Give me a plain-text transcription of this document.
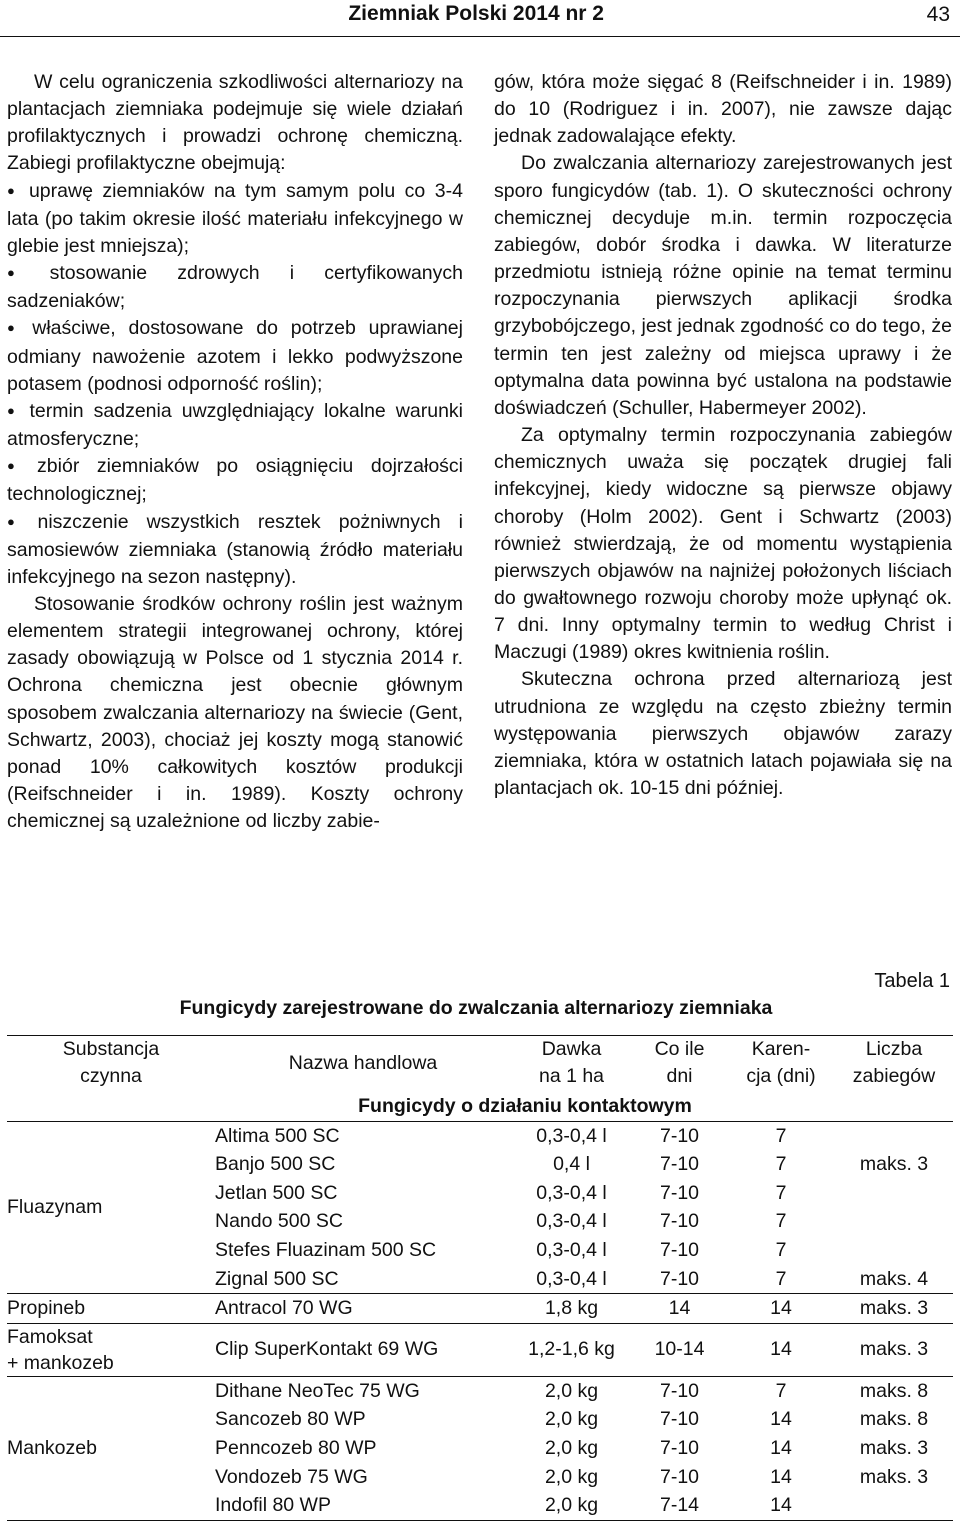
Ziemniak Polski 2014 nr 2	43

W celu ograniczenia szkodliwości alternariozy na plantacjach ziemniaka podejmuje się wiele działań profilaktycznych i prowadzi ochronę chemiczną. Zabiegi profilaktyczne obejmują:

● uprawę ziemniaków na tym samym polu co 3-4 lata (po takim okresie ilość materiału infekcyjnego w glebie jest mniejsza);

● stosowanie zdrowych i certyfikowanych sadzeniaków;

● właściwe, dostosowane do potrzeb uprawianej odmiany nawożenie azotem i lekko podwyższone potasem (podnosi odporność roślin);

● termin sadzenia uwzględniający lokalne warunki atmosferyczne;

● zbiór ziemniaków po osiągnięciu dojrzałości technologicznej;

● niszczenie wszystkich resztek pożniwnych i samosiewów ziemniaka (stanowią źródło materiału infekcyjnego na sezon następny).

Stosowanie środków ochrony roślin jest ważnym elementem strategii integrowanej ochrony, której zasady obowiązują w Polsce od 1 stycznia 2014 r. Ochrona chemiczna jest obecnie głównym sposobem zwalczania alternariozy na świecie (Gent, Schwartz, 2003), chociaż jej koszty mogą stanowić ponad 10% całkowitych kosztów produkcji (Reifschneider i in. 1989). Koszty ochrony chemicznej są uzależnione od liczby zabie-

gów, która może sięgać 8 (Reifschneider i in. 1989) do 10 (Rodriguez i in. 2007), nie zawsze dając jednak zadowalające efekty.

Do zwalczania alternariozy zarejestrowanych jest sporo fungicydów (tab. 1). O skuteczności ochrony chemicznej decyduje m.in. termin rozpoczęcia zabiegów, dobór środka i dawka. W literaturze przedmiotu istnieją różne opinie na temat terminu rozpoczynania pierwszych aplikacji środka grzybobójczego, jest jednak zgodność co do tego, że termin ten jest zależny od miejsca uprawy i że optymalna data powinna być ustalona na podstawie doświadczeń (Schuller, Habermeyer 2002).

Za optymalny termin rozpoczynania zabiegów chemicznych uważa się początek drugiej fali infekcyjnej, kiedy widoczne są pierwsze objawy choroby (Holm 2002). Gent i Schwartz (2003) również stwierdzają, że od momentu wystąpienia pierwszych objawów na najniżej położonych liściach do gwałtownego rozwoju choroby może upłynąć ok. 7 dni. Inny optymalny termin to według Christ i Maczugi (1989) okres kwitnienia roślin.

Skuteczna ochrona przed alternariozą jest utrudniona ze względu na często zbieżny termin występowania pierwszych objawów zarazy ziemniaka, która w ostatnich latach pojawiała się na plantacjach ok. 10-15 dni później.

Tabela 1
Fungicydy zarejestrowane do zwalczania alternariozy ziemniaka
Substancja
czynna	Nazwa handlowa	Dawka
na 1 ha	Co ile
dni	Karen-
cja (dni)	Liczba
zabiegów
	Fungicydy o działaniu kontaktowym				
Fluazynam	Altima 500 SC	0,3-0,4 l	7-10	7	
	Banjo 500 SC	0,4 l	7-10	7	maks. 3
	Jetlan 500 SC	0,3-0,4 l	7-10	7	
	Nando 500 SC	0,3-0,4 l	7-10	7	
	Stefes Fluazinam 500 SC	0,3-0,4 l	7-10	7	
	Zignal 500 SC	0,3-0,4 l	7-10	7	maks. 4
Propineb	Antracol 70 WG	1,8 kg	14	14	maks. 3
Famoksat
+ mankozeb	Clip SuperKontakt 69 WG	1,2-1,6 kg	10-14	14	maks. 3
Mankozeb	Dithane NeoTec 75 WG	2,0 kg	7-10	7	maks. 8
	Sancozeb 80 WP	2,0 kg	7-10	14	maks. 8
	Penncozeb 80 WP	2,0 kg	7-10	14	maks. 3
	Vondozeb 75 WG	2,0 kg	7-10	14	maks. 3
	Indofil 80 WP	2,0 kg	7-14	14	
